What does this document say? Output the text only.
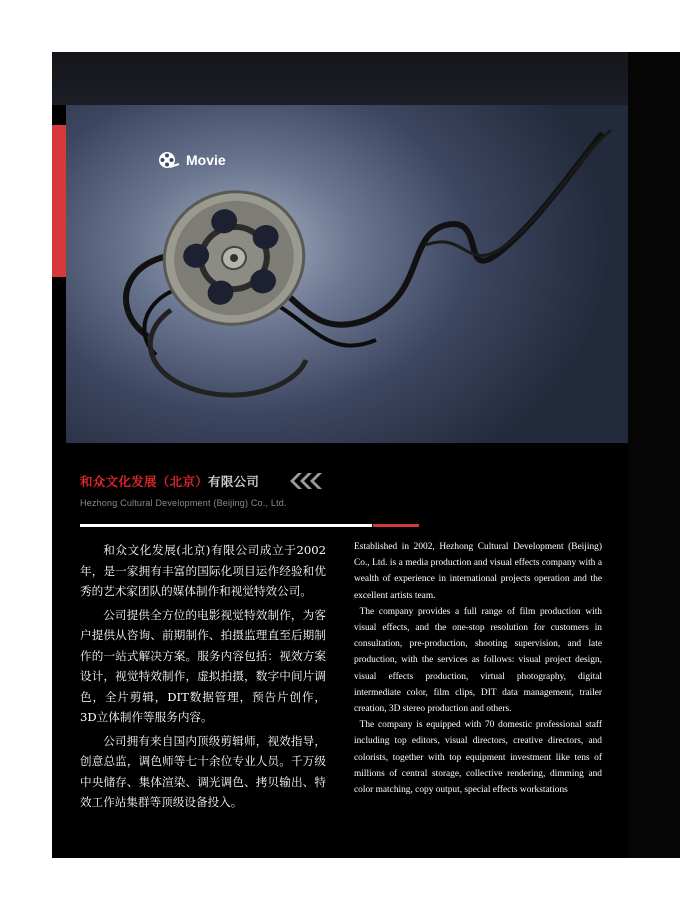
Movie
和众文化发展（北京）有限公司
Hezhong Cultural Development (Beijing) Co., Ltd.

和众文化发展(北京)有限公司成立于2002年，是一家拥有丰富的国际化项目运作经验和优秀的艺术家团队的媒体制作和视觉特效公司。

公司提供全方位的电影视觉特效制作，为客户提供从咨询、前期制作、拍摄监理直至后期制作的一站式解决方案。服务内容包括：视效方案设计，视觉特效制作，虚拟拍摄，数字中间片调色，全片剪辑，DIT数据管理，预告片创作，3D立体制作等服务内容。

公司拥有来自国内顶级剪辑师，视效指导，创意总监，调色师等七十余位专业人员。千万级中央储存、集体渲染、调光调色、拷贝输出、特效工作站集群等顶级设备投入。

Established in 2002, Hezhong Cultural Development (Beijing) Co., Ltd. is a media production and visual effects company with a wealth of experience in international projects operation and the excellent artists team.

The company provides a full range of film production with visual effects, and the one-stop resolution for customers in consultation, pre-production, shooting supervision, and late production, with the services as follows: visual project design, visual effects production, virtual photography, digital intermediate color, film clips, DIT data management, trailer creation, 3D stereo production and others.

The company is equipped with 70 domestic professional staff including top editors, visual directors, creative directors, and colorists, together with top equipment investment like tens of millions of central storage, collective rendering, dimming and color matching, copy output, special effects workstations
